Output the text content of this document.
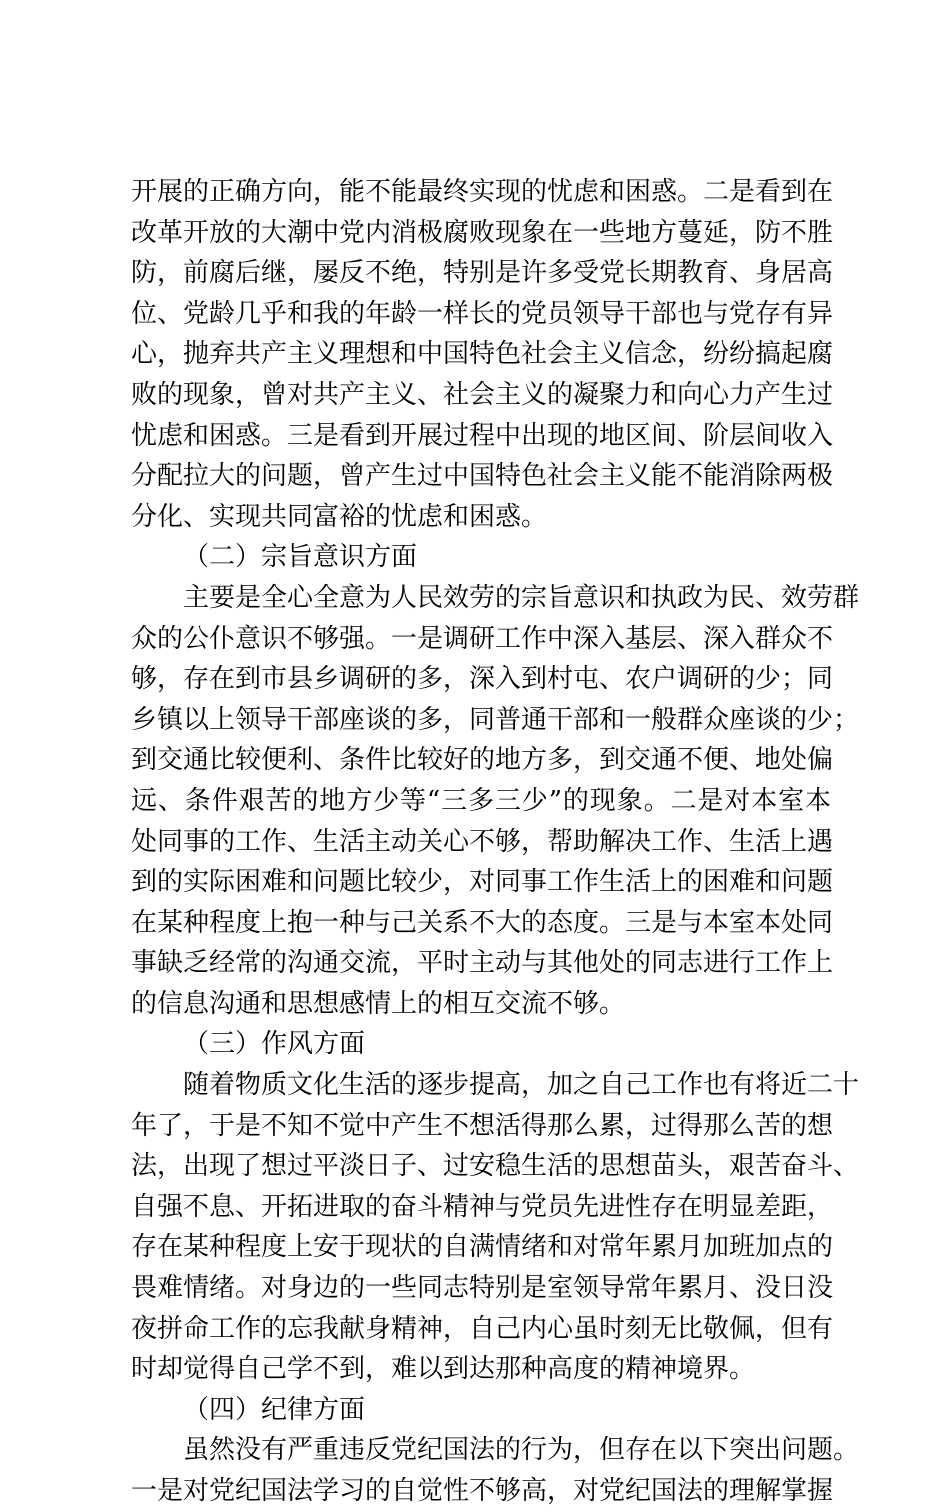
开展的正确方向，能不能最终实现的忧虑和困惑。二是看到在
改革开放的大潮中党内消极腐败现象在一些地方蔓延，防不胜
防，前腐后继，屡反不绝，特别是许多受党长期教育、身居高
位、党龄几乎和我的年龄一样长的党员领导干部也与党存有异
心，抛弃共产主义理想和中国特色社会主义信念，纷纷搞起腐
败的现象，曾对共产主义、社会主义的凝聚力和向心力产生过
忧虑和困惑。三是看到开展过程中出现的地区间、阶层间收入
分配拉大的问题，曾产生过中国特色社会主义能不能消除两极
分化、实现共同富裕的忧虑和困惑。
（二）宗旨意识方面
主要是全心全意为人民效劳的宗旨意识和执政为民、效劳群
众的公仆意识不够强。一是调研工作中深入基层、深入群众不
够，存在到市县乡调研的多，深入到村屯、农户调研的少；同
乡镇以上领导干部座谈的多，同普通干部和一般群众座谈的少；
到交通比较便利、条件比较好的地方多，到交通不便、地处偏
远、条件艰苦的地方少等“三多三少”的现象。二是对本室本
处同事的工作、生活主动关心不够，帮助解决工作、生活上遇
到的实际困难和问题比较少，对同事工作生活上的困难和问题
在某种程度上抱一种与己关系不大的态度。三是与本室本处同
事缺乏经常的沟通交流，平时主动与其他处的同志进行工作上
的信息沟通和思想感情上的相互交流不够。
（三）作风方面
随着物质文化生活的逐步提高，加之自己工作也有将近二十
年了，于是不知不觉中产生不想活得那么累，过得那么苦的想
法，出现了想过平淡日子、过安稳生活的思想苗头，艰苦奋斗、
自强不息、开拓进取的奋斗精神与党员先进性存在明显差距，
存在某种程度上安于现状的自满情绪和对常年累月加班加点的
畏难情绪。对身边的一些同志特别是室领导常年累月、没日没
夜拼命工作的忘我献身精神，自己内心虽时刻无比敬佩，但有
时却觉得自己学不到，难以到达那种高度的精神境界。
（四）纪律方面
虽然没有严重违反党纪国法的行为，但存在以下突出问题。
一是对党纪国法学习的自觉性不够高，对党纪国法的理解掌握
